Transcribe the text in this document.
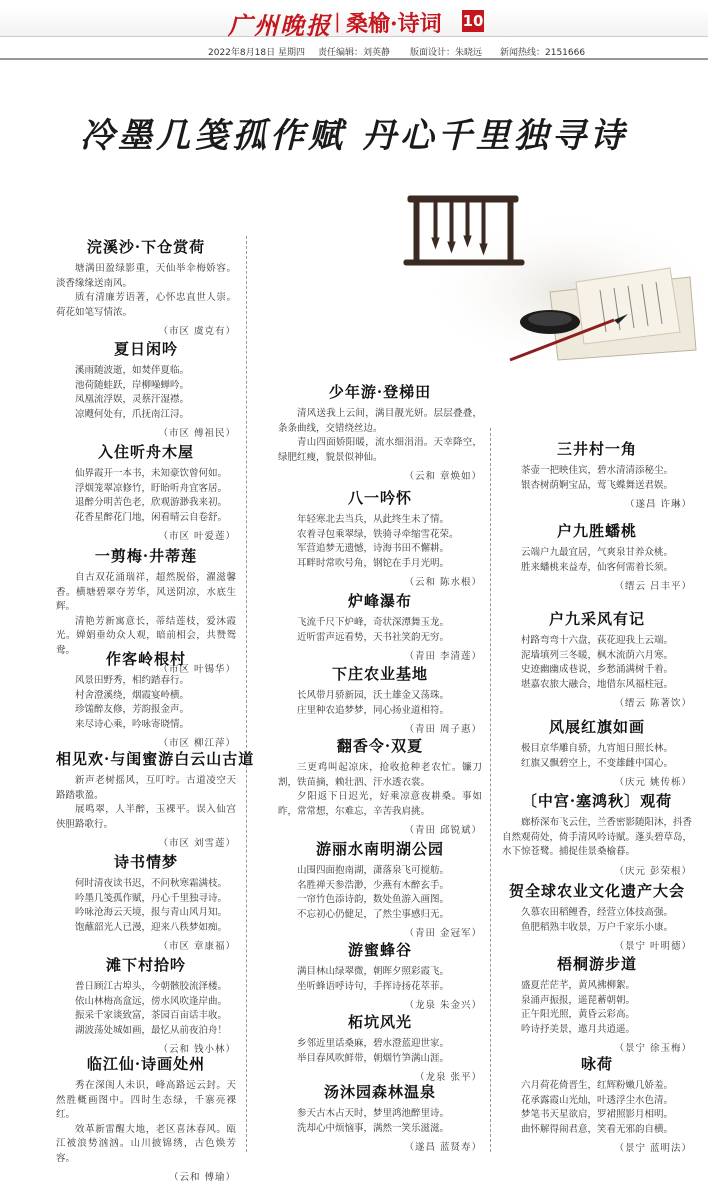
广州晚报 | 桑榆·诗词 10
2022年8月18日 星期四 责任编辑：刘英静 版面设计：朱晓远 新闻热线：2151666
冷墨几笺孤作赋 丹心千里独寻诗
浣溪沙·下仓赏荷

塘满田盈绿影重，天仙举伞梅娇容。淡香缘缘送南风。

质有清廉芳语著，心怀忠直世人崇。荷花如笔写情浓。

（市区 虞克有）
夏日闲吟

溪雨随波逝，如焚伴夏临。

池荷随蛙跃，岸柳噪蝉吟。

凤凰流浮娱，灵蔡汗湿襟。

凉飕何处有，爪抚南江浔。

（市区 傅祖民）
入住听舟木屋

仙界霞开一本书，未知豪饮曾何如。

浮烟笼翠凉修竹，盱眙听舟宜客居。

退醉分明苦色老，欣观游渺我来初。

花香星醉花门地，闲看晴云自卷舒。

（市区 叶爱莲）
一剪梅·井蒂莲

自古双花涌瑞祥，超然脱俗，濯滋馨香。横塘碧翠夺芳华，风送阴凉，水底生辉。

清艳芳新寓意长，蒂结莲枝，爱沐霞光。婵娟垂幼众人观，暗前相会，共赞鸳鸯。

（市区 叶锡华）
作客岭根村

风景田野秀，相约踏春行。

村舍澄溪绕，烟霞宴岭横。

珍馐醉友修，芳韵报金声。

来尽诗心乘，吟咏寄晓情。

（市区 柳江萍）
相见欢·与闺蜜游白云山古道

新声老树摇风，互叮咛。古道凌空天路踏歌盈。

展鸣翠，人半醉，玉裸平。误入仙宫侠胆路歌行。

（市区 刘雪莲）
诗书情梦

何时清夜读书迟，不问秋寒霜满枝。

吟墨几笺孤作赋，丹心千里独寻诗。

吟咏沧海云天境，报与青山风月知。

饱蘸韶光人已漫，迎来八秩梦如痴。

（市区 章康福）
滩下村拾吟

普日顾江古埠头，今朝骸胶流泽楼。

依山林梅高盒远，傍水风吹逢岸曲。

振采千家谈致富，茶园百亩话丰收。

湖波荡处城如画，最忆从前夜泊舟！

（云和 钱小林）
临江仙·诗画处州

秀在深闺人未识，峰高路远云封。天然胜概画图中。四时生态绿，千寨亮裸红。

效革新雷醒大地，老区喜沐春风。瓯江被浪势汹汹。山川披锦绣，古色焕芳容。

（云和 傅瑜）
少年游·登梯田

清风送我上云间，满目靓光妍。层层叠叠，条条曲线，交错绕丝边。

青山四面娇阳暖，流水细涓涓。天幸降空，绿肥红瘦，貌景似神仙。

（云和 章焕如）
八一吟怀

年轻寒北去当兵，从此终生未了情。

农着寻包乘翠绿，铁骑寻牵缩雪花荣。

军营追梦无遗憾，诗海书田不懈耕。

耳畔时常吹号角，钢铊在手月光明。

（云和 陈水根）
炉峰瀑布

飞流千尺下炉峰，奇状深潭舞玉龙。

近听雷声远看势，天书社笑韵无穷。

（青田 李清莲）
下庄农业基地

长风带月骄新园，沃土雄金又荡珠。

庄里种农追梦梦，同心扬业道相符。

（青田 周子惠）
翻香令·双夏

三更鸡叫起凉床，抢收抢种老农忙。镰刀割，铁苗摘，赖壮泗、汗水透衣裳。

夕阳返下日迟光，好乘凉意夜耕桑。事如昨，常常想，尔难忘，辛苦我肩挑。

（青田 邱锐斌）
游丽水南明湖公园

山围四面抱南湖，潇落泉飞可搅舫。

名胜禅天参浩渺，少燕有木醉玄手。

一帘竹色添诗韵，数处鱼游入画图。

不忘初心仍健足，了然尘事感归无。

（青田 金冠军）
游蜜蜂谷

满目林山绿翠微，朝晖夕照彩霞飞。

坐听蜂语呼诗句，手挥诗扬花萃菲。

（龙泉 朱金兴）
柘坑风光

乡邻近里话桑麻，碧水澄蓝迎世家。

举目春风吹鲜带，朝烟竹笋满山涯。

（龙泉 张平）
汤沐园森林温泉

参天古木占天时，梦里鸿池醉里诗。

洗却心中烦恼事，满然一笑乐滋滋。

（遂昌 蓝贤寿）
三井村一角

茶壶一把映佳宾，碧水清清添秘尘。

银杏树荫婀宝品，莺飞蝶舞送君娱。

（遂昌 许琳）
户九胜蟠桃

云端户九最宜居，气爽泉甘养众桃。

胜来蟠桃来益寿，仙客何需着长须。

（缙云 吕丰平）
户九采风有记

村路弯弯十六盘，荻花迎我上云端。

泥墙填列三冬暖，枫木流荫六月寒。

史迹幽幽成巷说，乡愁涌满树千着。

堪嘉农旅大融合，地借东风福柱冠。

（缙云 陈著饮）
风展红旗如画

极目京华雕自骄，九宵旭日照长林。

红旗又飘碧空上，不变雄雌中国心。

（庆元 姚传栎）
〔中宫·塞鸿秋〕观荷

廊桥深布飞云住，兰香密影随阳沐，抖香自然观荷处，倚手清风吟诗赋。蓬头碧草岛，水下惊苍鹭。捕捉佳景桑榆暮。

（庆元 彭荣根）
贺全球农业文化遗产大会

久慕农田稻鲤香，经营立体技高强。

鱼肥稻熟丰收景，万户千家乐小康。

（景宁 叶明德）
梧桐游步道

盛夏茫茫芊，黄风拂柳絮。

泉涌声振报，遥琵蓄朝朝。

正午阳光照，黄昏云彩高。

吟诗抒美景，遨月共逍遥。

（景宁 徐玉梅）
咏荷

六月荷花倚晋生，红辉粉嫩几娇羞。

花承露霞山光灿，叶透浮尘水色清。

梦笔书天星欲启，罗裙照影月相明。

曲怀解得闹君意，笑看无邪韵自横。

（景宁 蓝明法）
